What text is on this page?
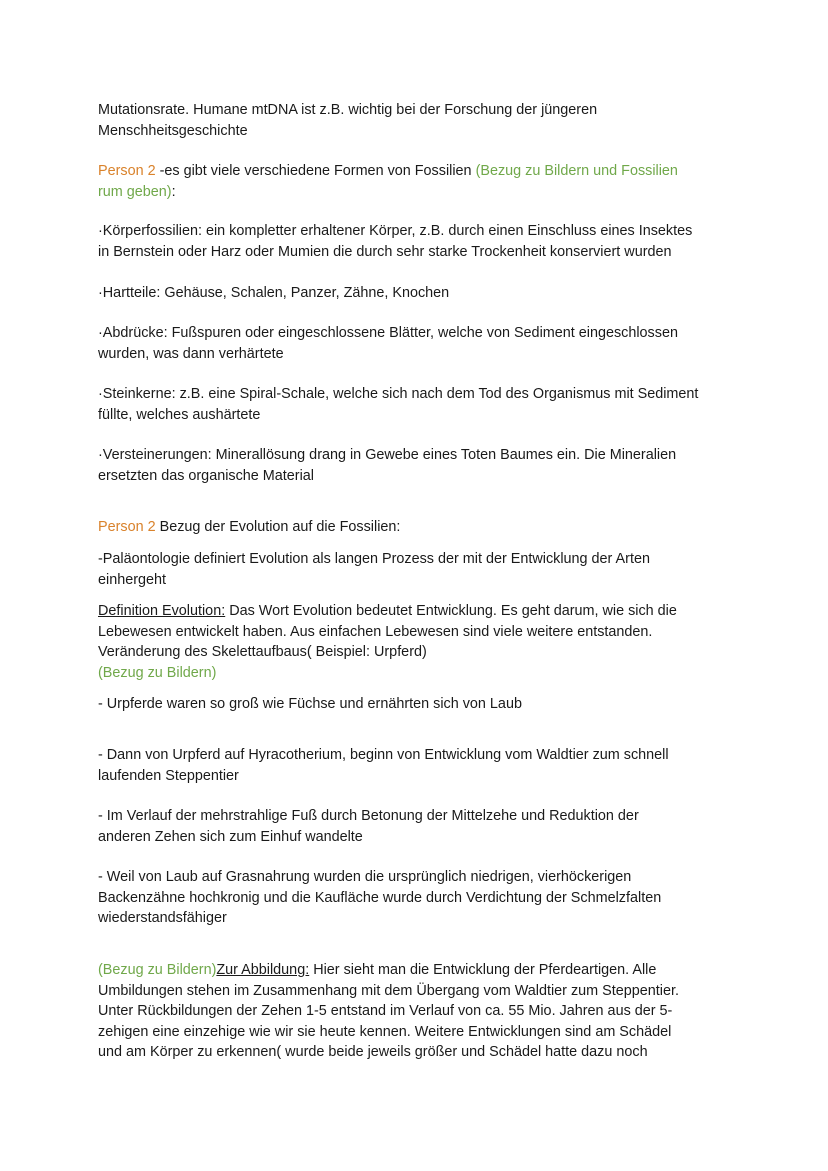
Mutationsrate. Humane mtDNA ist z.B. wichtig bei der Forschung der jüngeren
Menschheitsgeschichte

Person 2 -es gibt viele verschiedene Formen von Fossilien (Bezug zu Bildern und Fossilien
rum geben):

·Körperfossilien: ein kompletter erhaltener Körper, z.B. durch einen Einschluss eines Insektes
in Bernstein oder Harz oder Mumien die durch sehr starke Trockenheit konserviert wurden

·Hartteile: Gehäuse, Schalen, Panzer, Zähne, Knochen

·Abdrücke: Fußspuren oder eingeschlossene Blätter, welche von Sediment eingeschlossen
wurden, was dann verhärtete

·Steinkerne: z.B. eine Spiral-Schale, welche sich nach dem Tod des Organismus mit Sediment
füllte, welches aushärtete

·Versteinerungen: Minerallösung drang in Gewebe eines Toten Baumes ein. Die Mineralien
ersetzten das organische Material

Person 2 Bezug der Evolution auf die Fossilien:

-Paläontologie definiert Evolution als langen Prozess der mit der Entwicklung der Arten
einhergeht

Definition Evolution: Das Wort Evolution bedeutet Entwicklung. Es geht darum, wie sich die
Lebewesen entwickelt haben. Aus einfachen Lebewesen sind viele weitere entstanden.
Veränderung des Skelettaufbaus( Beispiel: Urpferd)
(Bezug zu Bildern)

- Urpferde waren so groß wie Füchse und ernährten sich von Laub

- Dann von Urpferd auf Hyracotherium, beginn von Entwicklung vom Waldtier zum schnell
laufenden Steppentier

- Im Verlauf der mehrstrahlige Fuß durch Betonung der Mittelzehe und Reduktion der
anderen Zehen sich zum Einhuf wandelte

- Weil von Laub auf Grasnahrung wurden die ursprünglich niedrigen, vierhöckerigen
Backenzähne hochkronig und die Kaufläche wurde durch Verdichtung der Schmelzfalten
wiederstandsfähiger

(Bezug zu Bildern)Zur Abbildung: Hier sieht man die Entwicklung der Pferdeartigen. Alle
Umbildungen stehen im Zusammenhang mit dem Übergang vom Waldtier zum Steppentier.
Unter Rückbildungen der Zehen 1-5 entstand im Verlauf von ca. 55 Mio. Jahren aus der 5-
zehigen eine einzehige wie wir sie heute kennen. Weitere Entwicklungen sind am Schädel
und am Körper zu erkennen( wurde beide jeweils größer und Schädel hatte dazu noch
